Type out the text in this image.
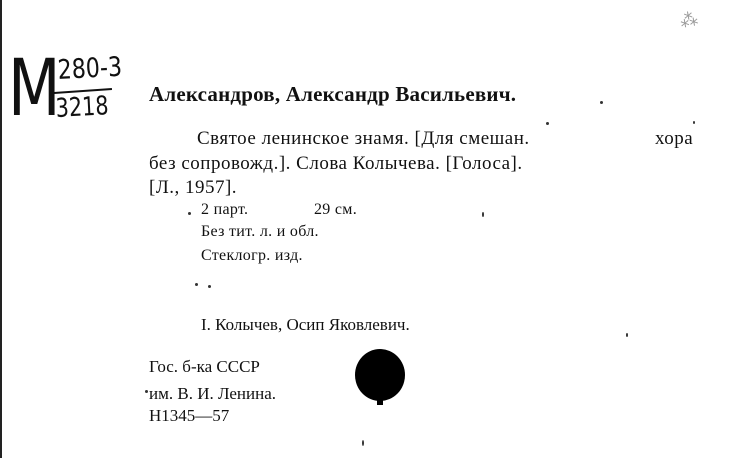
⁂
М
280-3
3218 Александров, Александр Васильевич.
Святое ленинское знамя. [Для смешан.	хора
без сопровожд.]. Слова Колычева. [Голоса].
[Л., 1957].
2 парт.	29 см.
Без тит. л. и обл.
Стеклогр. изд.
I. Колычев, Осип Яковлевич.
Гос. б-ка СССР
им. В. И. Ленина.
Н1345—57
